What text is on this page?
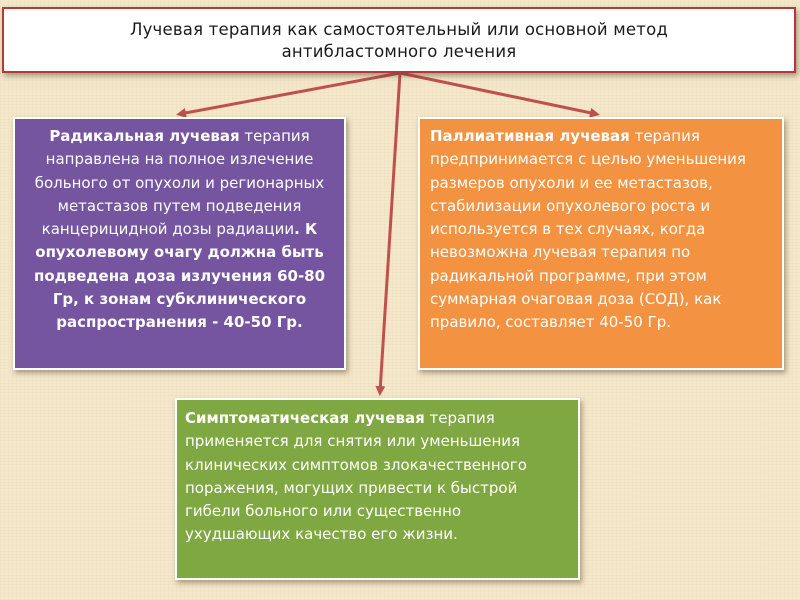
Лучевая терапия как самостоятельный или основной метод
антибластомного лечения
Радикальная лучевая терапия направлена на полное излечение больного от опухоли и регионарных метастазов путем подведения канцерицидной дозы радиации. К опухолевому очагу должна быть подведена доза излучения 60-80 Гр, к зонам субклинического распространения - 40-50 Гр.
Паллиативная лучевая терапия предпринимается с целью уменьшения размеров опухоли и ее метастазов, стабилизации опухолевого роста и используется в тех случаях, когда невозможна лучевая терапия по радикальной программе, при этом суммарная очаговая доза (СОД), как правило, составляет 40-50 Гр.
Симптоматическая лучевая терапия применяется для снятия или уменьшения клинических симптомов злокачественного поражения, могущих привести к быстрой гибели больного или существенно ухудшающих качество его жизни.
